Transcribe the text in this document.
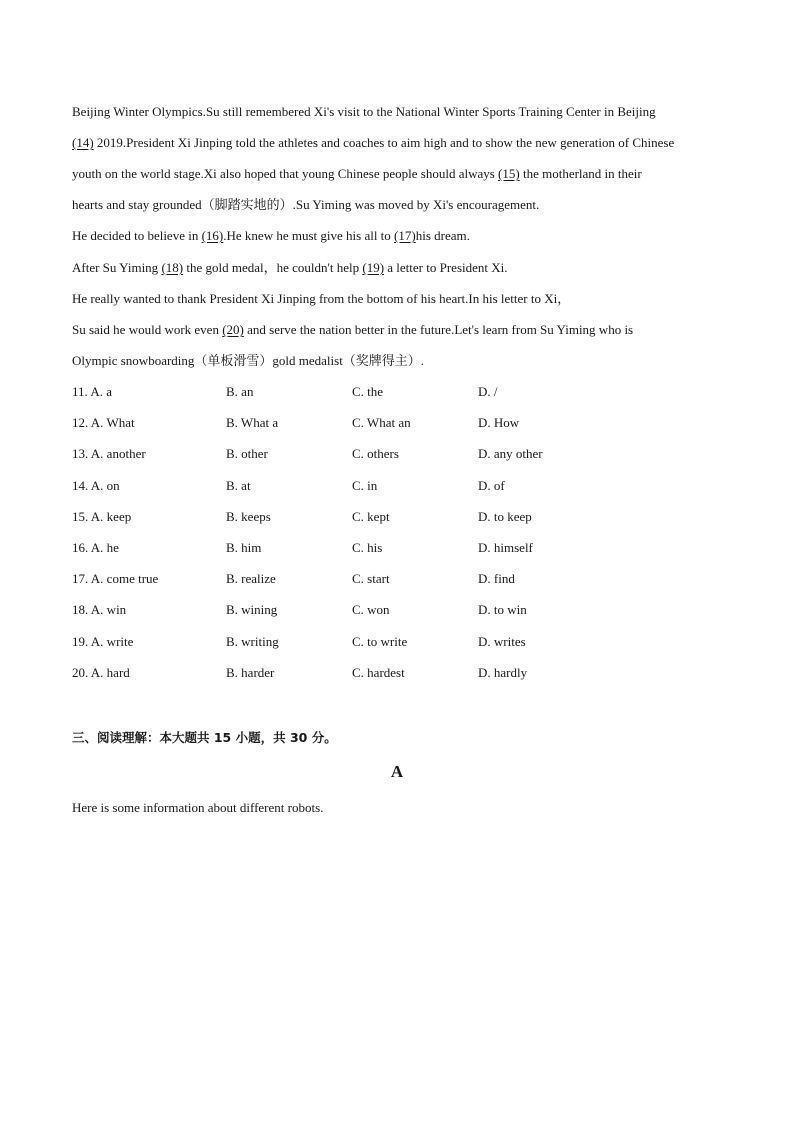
Beijing Winter Olympics.Su still remembered Xi's visit to the National Winter Sports Training Center in Beijing
(14) 2019.President Xi Jinping told the athletes and coaches to aim high and to show the new generation of Chinese
youth on the world stage.Xi also hoped that young Chinese people should always (15) the motherland in their
hearts and stay grounded（脚踏实地的）.Su Yiming was moved by Xi's encouragement.
He decided to believe in (16).He knew he must give his all to (17)his dream.
After Su Yiming (18) the gold medal，he couldn't help (19) a letter to President Xi.
He really wanted to thank President Xi Jinping from the bottom of his heart.In his letter to Xi，
Su said he would work even (20) and serve the nation better in the future.Let's learn from Su Yiming who is
Olympic snowboarding（单板滑雪）gold medalist（奖牌得主）.
11. A. a	B. an	C. the	D. /
12. A. What	B. What a	C. What an	D. How
13. A. another	B. other	C. others	D. any other
14. A. on	B. at	C. in	D. of
15. A. keep	B. keeps	C. kept	D. to keep
16. A. he	B. him	C. his	D. himself
17. A. come true	B. realize	C. start	D. find
18. A. win	B. wining	C. won	D. to win
19. A. write	B. writing	C. to write	D. writes
20. A. hard	B. harder	C. hardest	D. hardly
三、阅读理解：本大题共 15 小题，共 30 分。
A
Here is some information about different robots.
